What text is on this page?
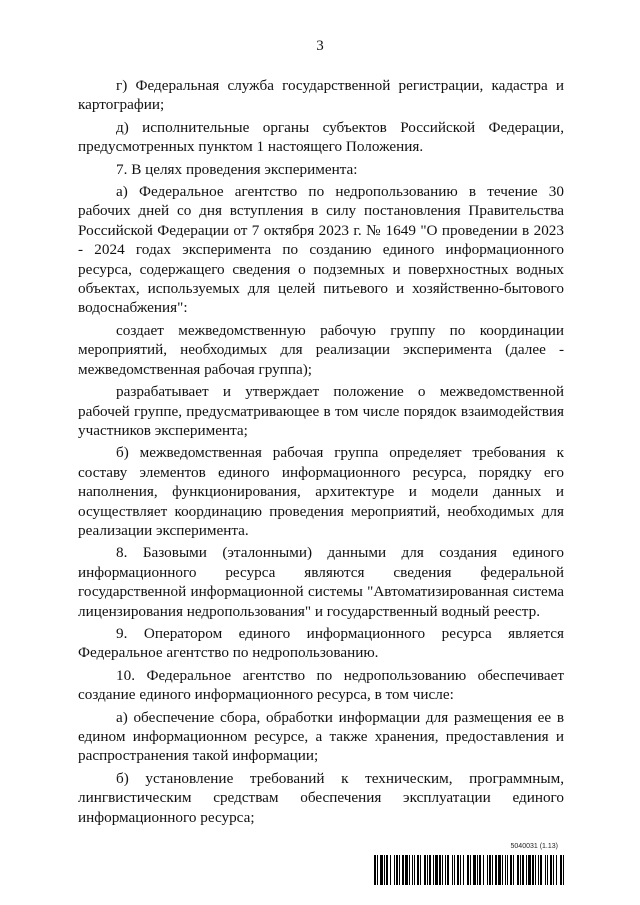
3

г) Федеральная служба государственной регистрации, кадастра и картографии;

д) исполнительные органы субъектов Российской Федерации, предусмотренных пунктом 1 настоящего Положения.

7. В целях проведения эксперимента:

а) Федеральное агентство по недропользованию в течение 30 рабочих дней со дня вступления в силу постановления Правительства Российской Федерации от 7 октября 2023 г. № 1649 "О проведении в 2023 - 2024 годах эксперимента по созданию единого информационного ресурса, содержащего сведения о подземных и поверхностных водных объектах, используемых для целей питьевого и хозяйственно-бытового водоснабжения":

создает межведомственную рабочую группу по координации мероприятий, необходимых для реализации эксперимента (далее - межведомственная рабочая группа);

разрабатывает и утверждает положение о межведомственной рабочей группе, предусматривающее в том числе порядок взаимодействия участников эксперимента;

б) межведомственная рабочая группа определяет требования к составу элементов единого информационного ресурса, порядку его наполнения, функционирования, архитектуре и модели данных и осуществляет координацию проведения мероприятий, необходимых для реализации эксперимента.

8. Базовыми (эталонными) данными для создания единого информационного ресурса являются сведения федеральной государственной информационной системы "Автоматизированная система лицензирования недропользования" и государственный водный реестр.

9. Оператором единого информационного ресурса является Федеральное агентство по недропользованию.

10. Федеральное агентство по недропользованию обеспечивает создание единого информационного ресурса, в том числе:

а) обеспечение сбора, обработки информации для размещения ее в едином информационном ресурсе, а также хранения, предоставления и распространения такой информации;

б) установление требований к техническим, программным, лингвистическим средствам обеспечения эксплуатации единого информационного ресурса;

5040031 (1.13)
